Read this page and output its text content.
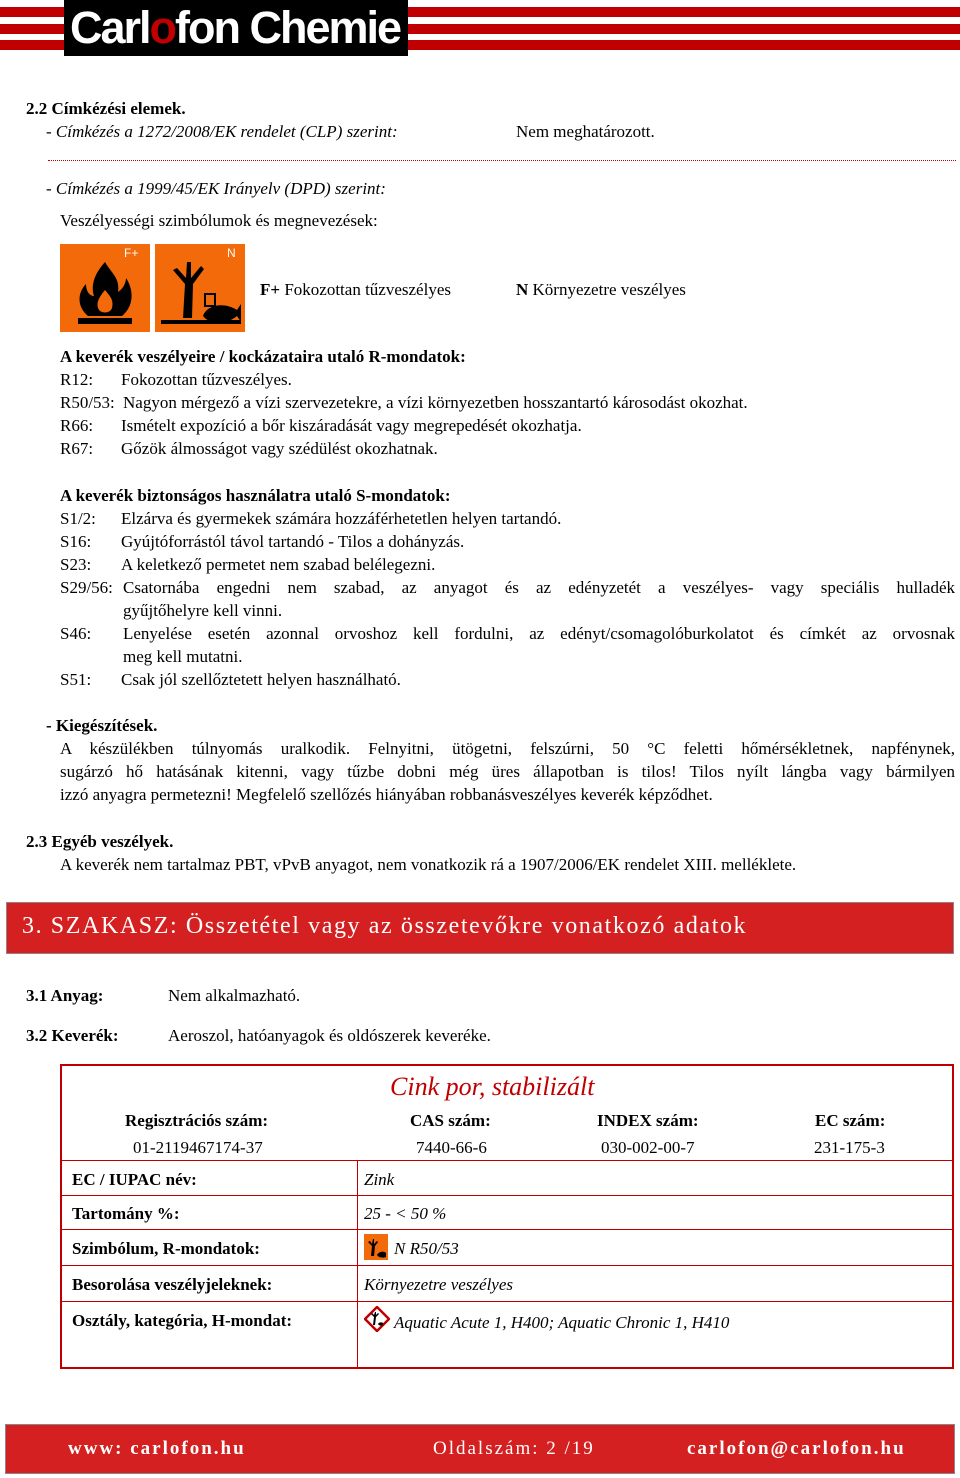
Carlofon Chemie
2.2 Címkézési elemek.
- Címkézés a 1272/2008/EK rendelet (CLP) szerint:	Nem meghatározott.
- Címkézés a 1999/45/EK Irányelv (DPD) szerint:
Veszélyességi szimbólumok és megnevezések:
F+	N
F+ Fokozottan tűzveszélyes	N Környezetre veszélyes
A keverék veszélyeire / kockázataira utaló R-mondatok:
R12: Fokozottan tűzveszélyes.
R50/53: Nagyon mérgező a vízi szervezetekre, a vízi környezetben hosszantartó károsodást okozhat.
R66: Ismételt expozíció a bőr kiszáradását vagy megrepedését okozhatja.
R67: Gőzök álmosságot vagy szédülést okozhatnak.
A keverék biztonságos használatra utaló S-mondatok:
S1/2: Elzárva és gyermekek számára hozzáférhetetlen helyen tartandó.
S16: Gyújtóforrástól távol tartandó - Tilos a dohányzás.
S23: A keletkező permetet nem szabad belélegezni.
S29/56: Csatornába engedni nem szabad, az anyagot és az edényzetét a veszélyes- vagy speciális hulladék
gyűjtőhelyre kell vinni.
S46: Lenyelése esetén azonnal orvoshoz kell fordulni, az edényt/csomagolóburkolatot és címkét az orvosnak
meg kell mutatni.
S51: Csak jól szellőztetett helyen használható.
- Kiegészítések.
A készülékben túlnyomás uralkodik. Felnyitni, ütögetni, felszúrni, 50 °C feletti hőmérsékletnek, napfénynek,
sugárzó hő hatásának kitenni, vagy tűzbe dobni még üres állapotban is tilos! Tilos nyílt lángba vagy bármilyen
izzó anyagra permetezni! Megfelelő szellőzés hiányában robbanásveszélyes keverék képződhet.
2.3 Egyéb veszélyek.
A keverék nem tartalmaz PBT, vPvB anyagot, nem vonatkozik rá a 1907/2006/EK rendelet XIII. melléklete.
3. SZAKASZ: Összetétel vagy az összetevőkre vonatkozó adatok
3.1 Anyag:	Nem alkalmazható.
3.2 Keverék:	Aeroszol, hatóanyagok és oldószerek keveréke.
Cink por, stabilizált
Regisztrációs szám:
01-2119467174-37
CAS szám:
7440-66-6
INDEX szám:
030-002-00-7
EC szám:
231-175-3
EC / IUPAC név:	Zink
Tartomány %:	25 - < 50 %
Szimbólum, R-mondatok:	N R50/53
Besorolása veszélyjeleknek:	Környezetre veszélyes
Osztály, kategória, H-mondat:	Aquatic Acute 1, H400; Aquatic Chronic 1, H410
www: carlofon.hu	Oldalszám: 2 /19	carlofon@carlofon.hu
